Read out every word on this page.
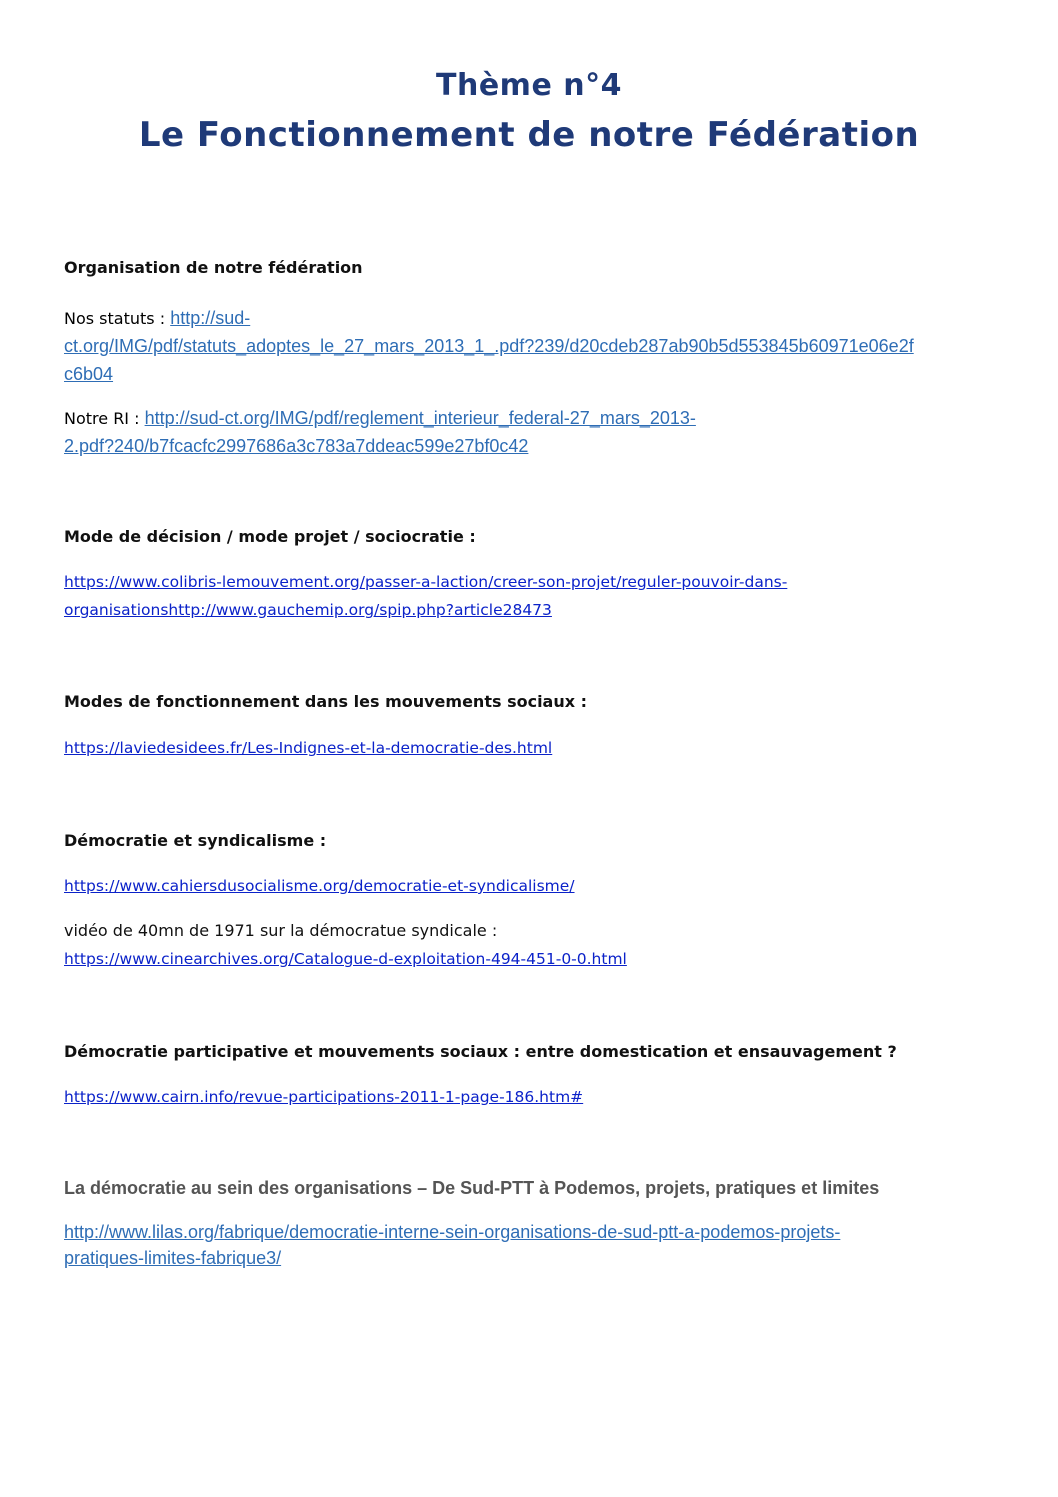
Thème n°4
Le Fonctionnement de notre Fédération

Organisation de notre fédération

Nos statuts : http://sud-
ct.org/IMG/pdf/statuts_adoptes_le_27_mars_2013_1_.pdf?239/d20cdeb287ab90b5d553845b60971e06e2f
c6b04
Notre RI : http://sud-ct.org/IMG/pdf/reglement_interieur_federal-27_mars_2013-
2.pdf?240/b7fcacfc2997686a3c783a7ddeac599e27bf0c42

Mode de décision / mode projet / sociocratie :

https://www.colibris-lemouvement.org/passer-a-laction/creer-son-projet/reguler-pouvoir-dans-
organisationshttp://www.gauchemip.org/spip.php?article28473

Modes de fonctionnement dans les mouvements sociaux :

https://laviedesidees.fr/Les-Indignes-et-la-democratie-des.html

Démocratie et syndicalisme :

https://www.cahiersdusocialisme.org/democratie-et-syndicalisme/

vidéo de 40mn de 1971 sur la démocratue syndicale :

https://www.cinearchives.org/Catalogue-d-exploitation-494-451-0-0.html

Démocratie participative et mouvements sociaux : entre domestication et ensauvagement ?

https://www.cairn.info/revue-participations-2011-1-page-186.htm#

La démocratie au sein des organisations – De Sud-PTT à Podemos, projets, pratiques et limites

http://www.lilas.org/fabrique/democratie-interne-sein-organisations-de-sud-ptt-a-podemos-projets-
pratiques-limites-fabrique3/
